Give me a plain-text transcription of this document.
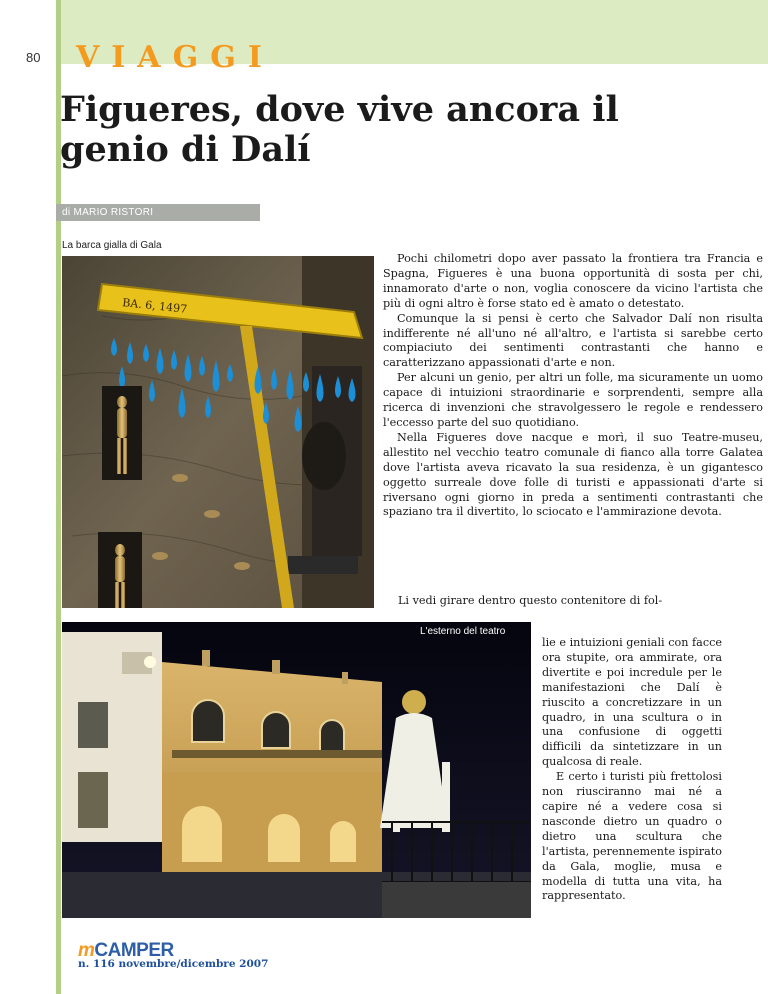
80 VIAGGI
Figueres, dove vive ancora il genio di Dalí
di MARIO RISTORI
La barca gialla di Gala
BA. 6, 1497
L'esterno del teatro

Pochi chilometri dopo aver passato la frontiera tra Francia e Spagna, Figueres è una buona opportunità di sosta per chi, innamorato d'arte o non, voglia conoscere da vicino l'artista che più di ogni altro è forse stato ed è amato o detestato.

Comunque la si pensi è certo che Salvador Dalí non risulta indifferente né all'uno né all'altro, e l'artista si sarebbe certo compiaciuto dei sentimenti contrastanti che hanno e caratterizzano appassionati d'arte e non.

Per alcuni un genio, per altri un folle, ma sicuramente un uomo capace di intuizioni straordinarie e sorprendenti, sempre alla ricerca di invenzioni che stravolgessero le regole e rendessero l'eccesso parte del suo quotidiano.

Nella Figueres dove nacque e morì, il suo Teatre-museu, allestito nel vecchio teatro comunale di fianco alla torre Galatea dove l'artista aveva ricavato la sua residenza, è un gigantesco oggetto surreale dove folle di turisti e appassionati d'arte si riversano ogni giorno in preda a sentimenti contrastanti che spaziano tra il divertito, lo sciocato e l'ammirazione devota.

Li vedi girare dentro questo contenitore di fol-

lie e intuizioni geniali con facce ora stupite, ora ammirate, ora divertite e poi incredule per le manifestazioni che Dalí è riuscito a concretizzare in un quadro, in una scultura o in una confusione di oggetti difficili da sintetizzare in un qualcosa di reale.

E certo i turisti più frettolosi non riusciranno mai né a capire né a vedere cosa si nasconde dietro un quadro o dietro una scultura che l'artista, perennemente ispirato da Gala, moglie, musa e modella di tutta una vita, ha rappresentato.

mCAMPER
n. 116 novembre/dicembre 2007
